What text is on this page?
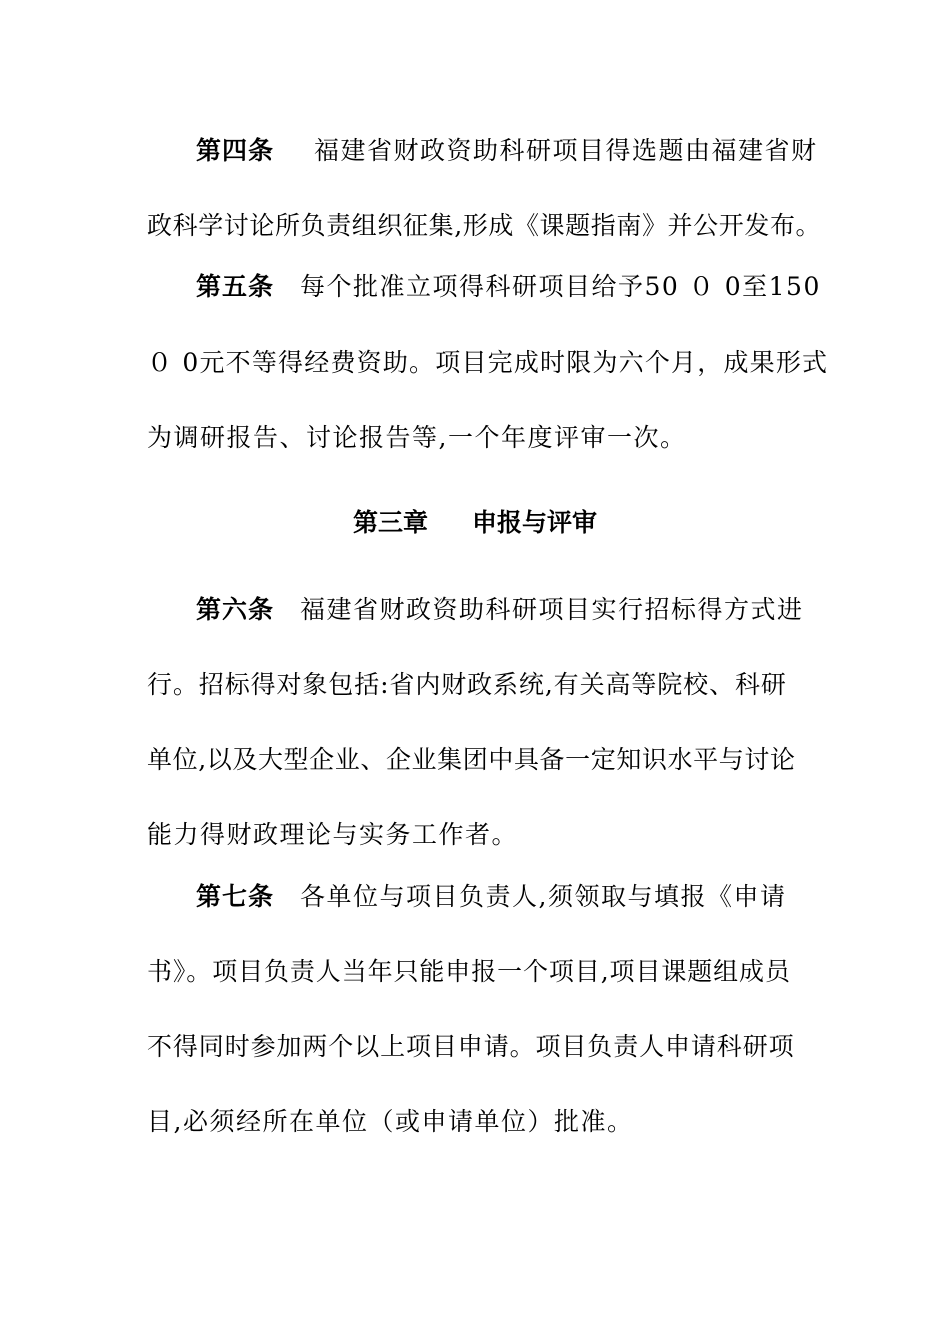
第四条 福建省财政资助科研项目得选题由福建省财
政科学讨论所负责组织征集,形成《课题指南》并公开发布。
第五条 每个批准立项得科研项目给予50 ０ 0至150
０ 0元不等得经费资助。项目完成时限为六个月，成果形式
为调研报告、讨论报告等,一个年度评审一次。
第三章 申报与评审
第六条 福建省财政资助科研项目实行招标得方式进
行。招标得对象包括:省内财政系统,有关高等院校、科研
单位,以及大型企业、企业集团中具备一定知识水平与讨论
能力得财政理论与实务工作者。
第七条 各单位与项目负责人,须领取与填报《申请
书》。项目负责人当年只能申报一个项目,项目课题组成员
不得同时参加两个以上项目申请。项目负责人申请科研项
目,必须经所在单位（或申请单位）批准。
